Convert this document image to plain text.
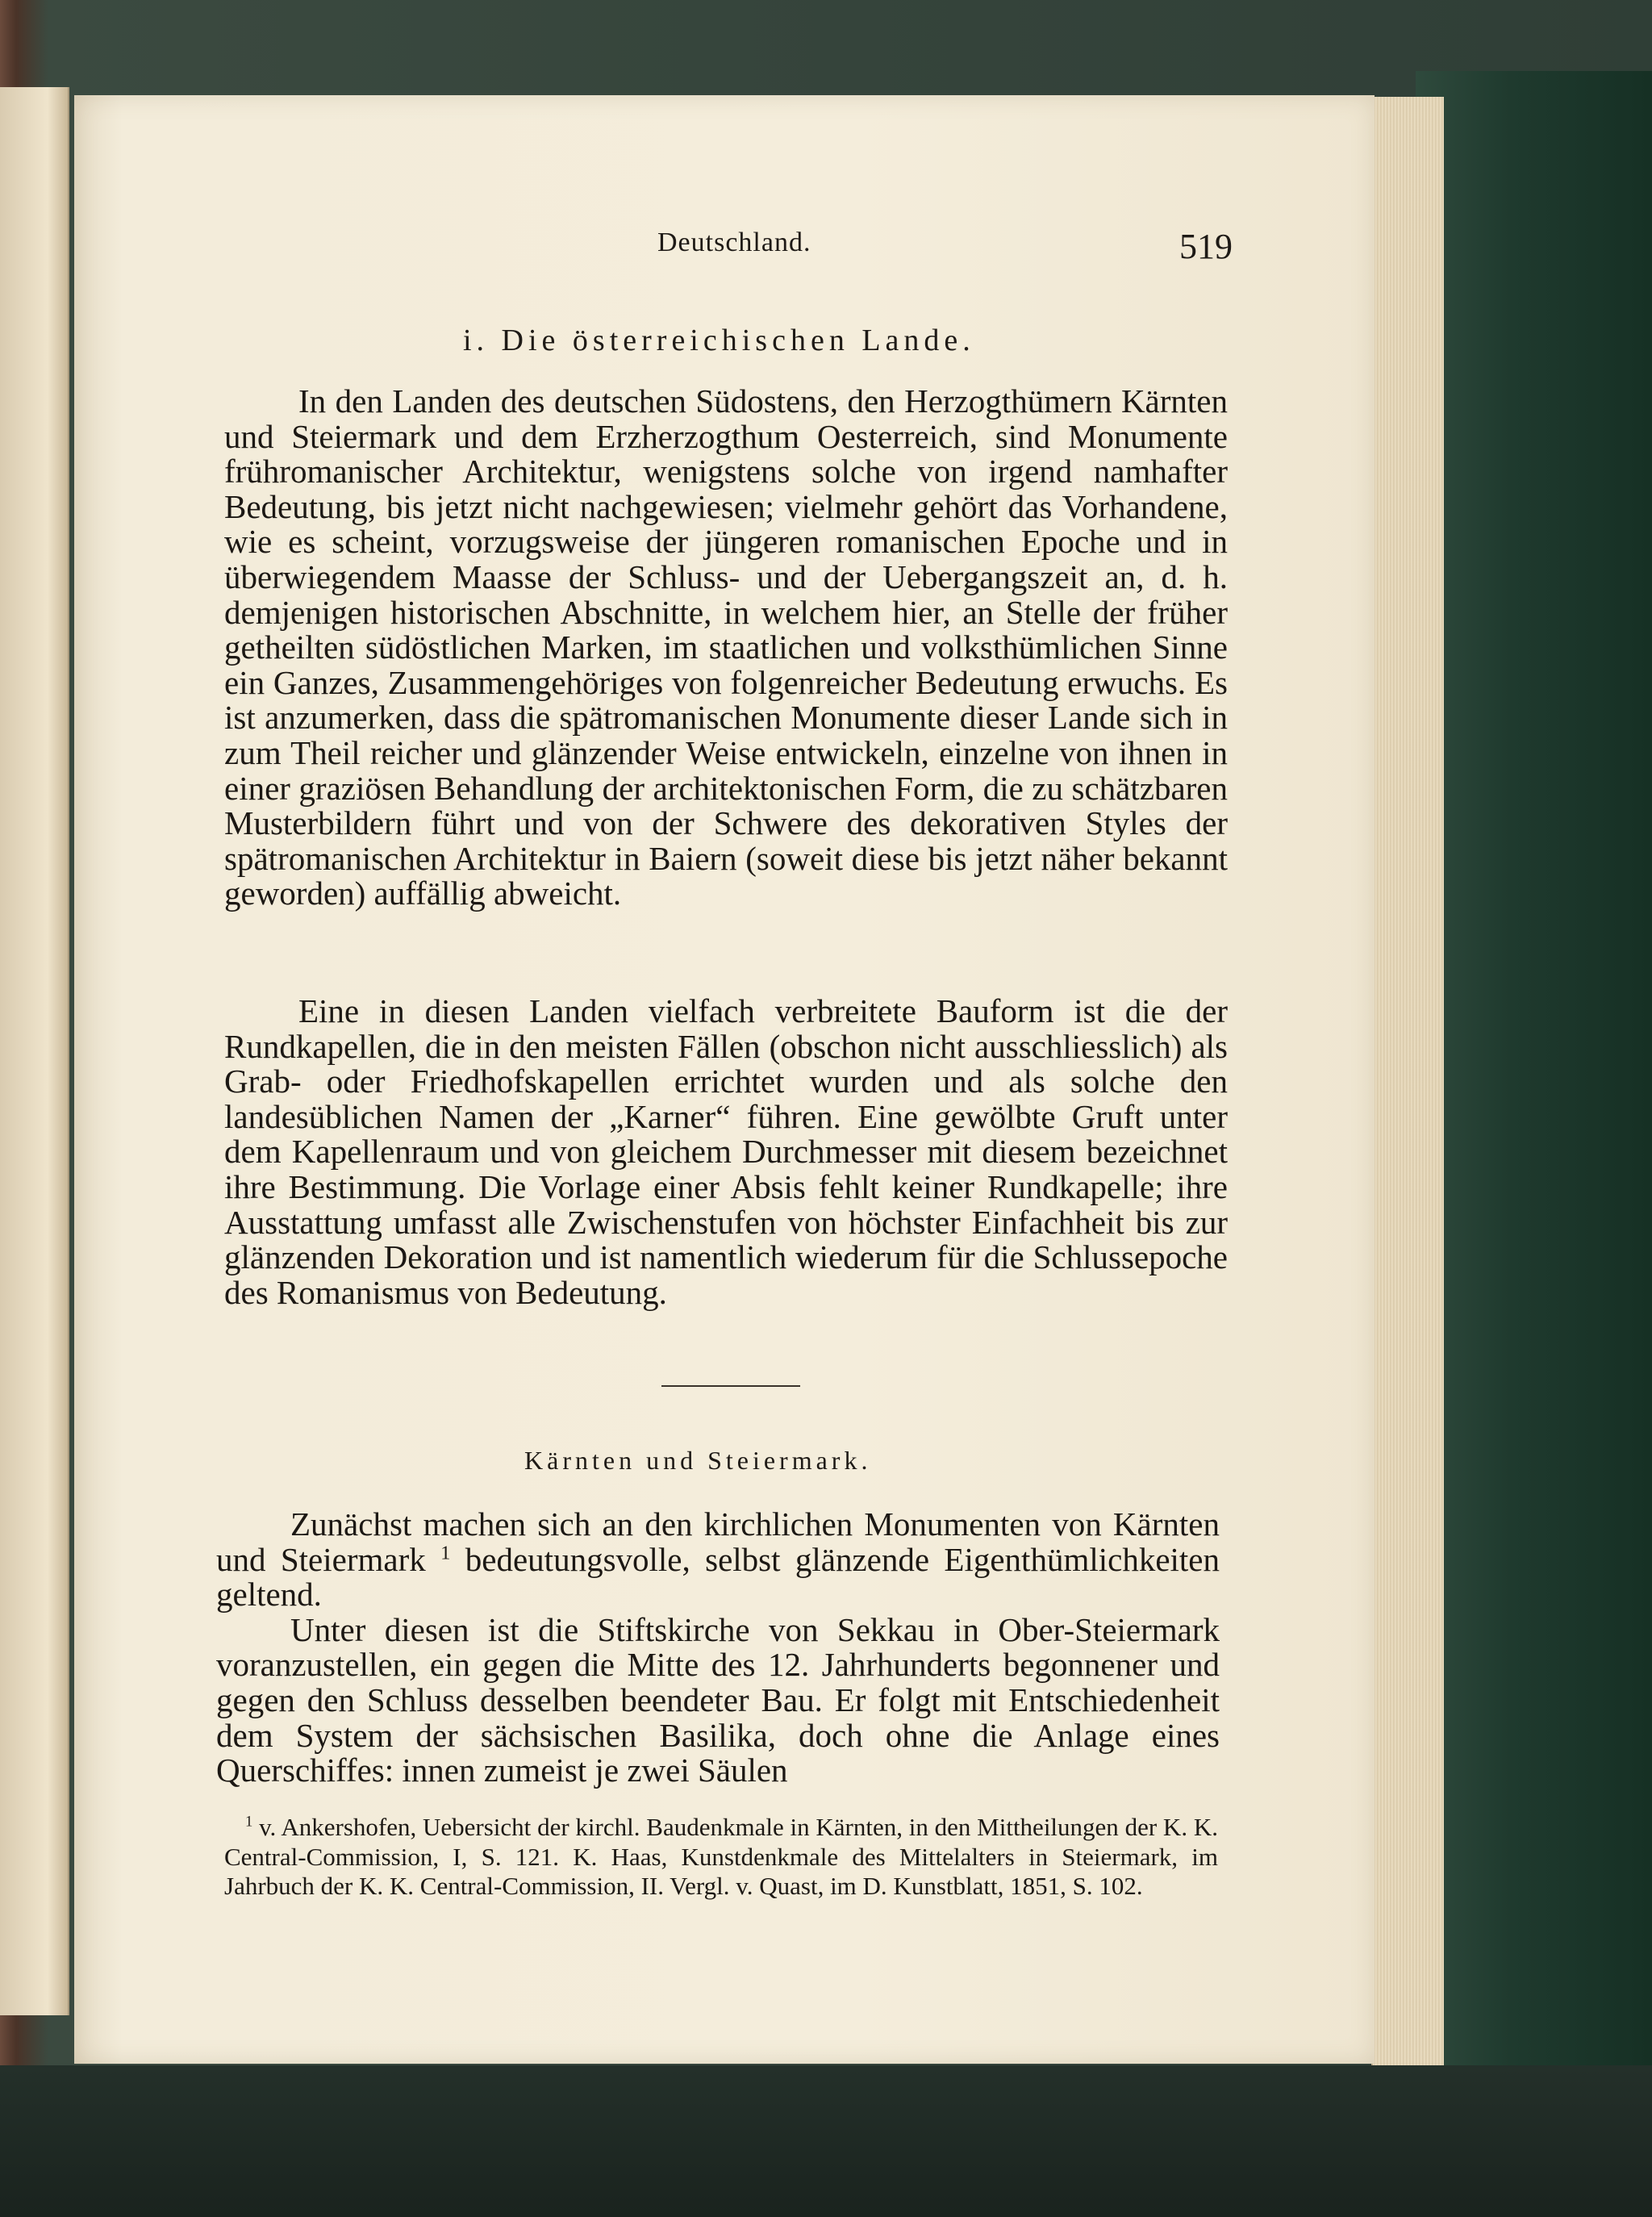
Deutschland.	519
i. Die österreichischen Lande.

In den Landen des deutschen Südostens, den Herzogthümern Kärnten und Steiermark und dem Erzherzogthum Oesterreich, sind Monumente frühromanischer Architektur, wenigstens solche von irgend namhafter Bedeutung, bis jetzt nicht nachgewiesen; vielmehr gehört das Vorhandene, wie es scheint, vorzugsweise der jüngeren romanischen Epoche und in überwiegendem Maasse der Schluss- und der Uebergangszeit an, d. h. demjenigen historischen Abschnitte, in welchem hier, an Stelle der früher getheilten südöstlichen Marken, im staatlichen und volksthümlichen Sinne ein Ganzes, Zusammengehöriges von folgenreicher Bedeutung erwuchs. Es ist anzumerken, dass die spätromanischen Monumente dieser Lande sich in zum Theil reicher und glänzender Weise entwickeln, einzelne von ihnen in einer graziösen Behandlung der architektonischen Form, die zu schätzbaren Musterbildern führt und von der Schwere des dekorativen Styles der spätromanischen Architektur in Baiern (soweit diese bis jetzt näher bekannt geworden) auffällig abweicht.

Eine in diesen Landen vielfach verbreitete Bauform ist die der Rundkapellen, die in den meisten Fällen (obschon nicht ausschliesslich) als Grab- oder Friedhofskapellen errichtet wurden und als solche den landesüblichen Namen der „Karner“ führen. Eine gewölbte Gruft unter dem Kapellenraum und von gleichem Durchmesser mit diesem bezeichnet ihre Bestimmung. Die Vorlage einer Absis fehlt keiner Rundkapelle; ihre Ausstattung umfasst alle Zwischenstufen von höchster Einfachheit bis zur glänzenden Dekoration und ist namentlich wiederum für die Schlussepoche des Romanismus von Bedeutung.

Kärnten und Steiermark.

Zunächst machen sich an den kirchlichen Monumenten von Kärnten und Steiermark $^1$ bedeutungsvolle, selbst glänzende Eigenthümlichkeiten geltend.

Unter diesen ist die Stiftskirche von Sekkau in Ober-Steiermark voranzustellen, ein gegen die Mitte des 12. Jahrhunderts begonnener und gegen den Schluss desselben beendeter Bau. Er folgt mit Entschiedenheit dem System der sächsischen Basilika, doch ohne die Anlage eines Querschiffes: innen zumeist je zwei Säulen

$^1$ v. Ankershofen, Uebersicht der kirchl. Baudenkmale in Kärnten, in den Mittheilungen der K. K. Central-Commission, I, S. 121. K. Haas, Kunstdenkmale des Mittelalters in Steiermark, im Jahrbuch der K. K. Central-Commission, II. Vergl. v. Quast, im D. Kunstblatt, 1851, S. 102.
